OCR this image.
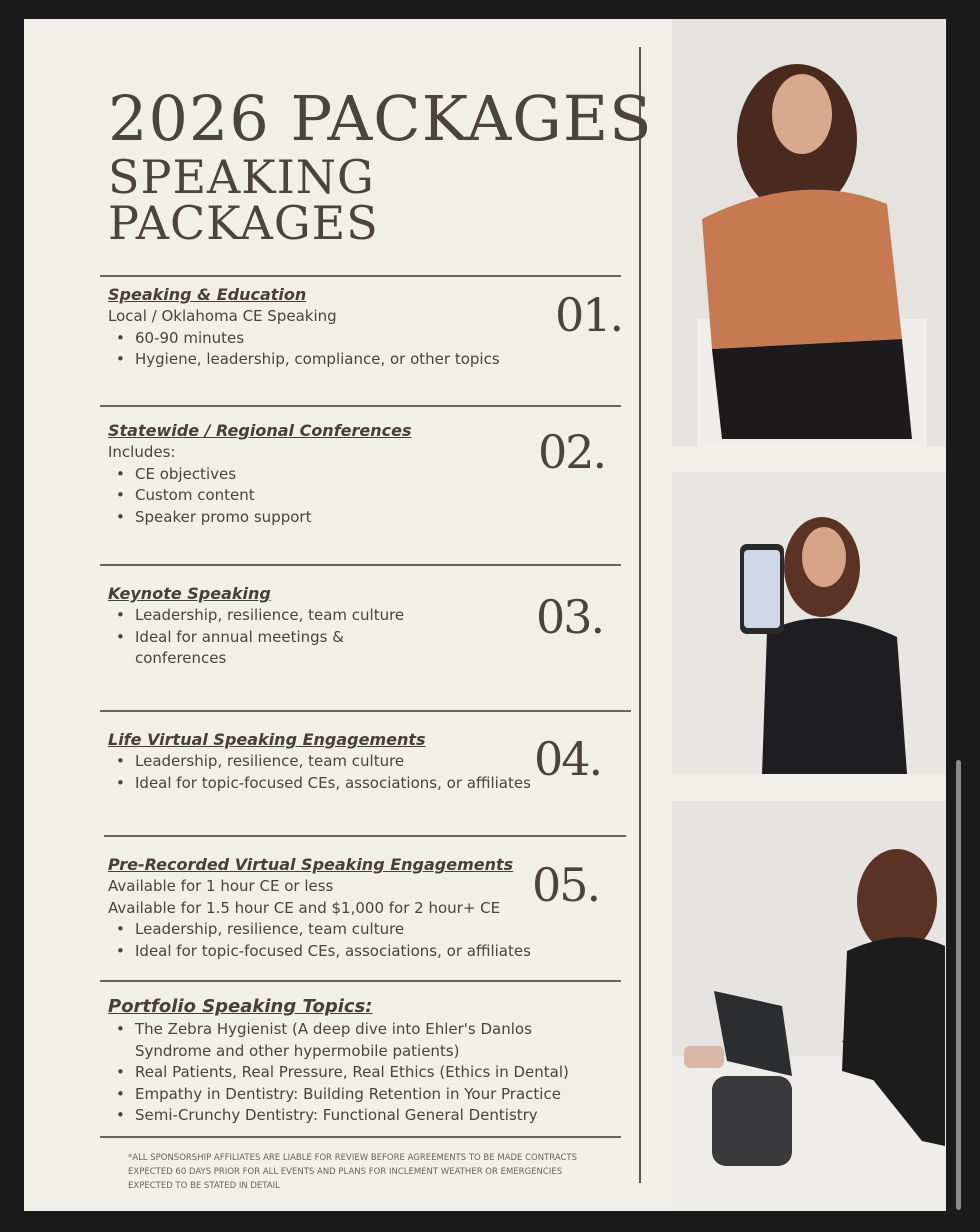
2026 PACKAGES
SPEAKING
PACKAGES
Speaking & Education
Local / Oklahoma CE Speaking
• 60-90 minutes
• Hygiene, leadership, compliance, or other topics
01.
Statewide / Regional Conferences
Includes:
• CE objectives
• Custom content
• Speaker promo support
02.
Keynote Speaking
• Leadership, resilience, team culture
• Ideal for annual meetings & conferences
03.
Life Virtual Speaking Engagements
• Leadership, resilience, team culture
• Ideal for topic-focused CEs, associations, or affiliates 04.
Pre-Recorded Virtual Speaking Engagements
Available for 1 hour CE or less
Available for 1.5 hour CE and $1,000 for 2 hour+ CE
• Leadership, resilience, team culture
• Ideal for topic-focused CEs, associations, or affiliates
05.
Portfolio Speaking Topics:
• The Zebra Hygienist (A deep dive into Ehler's Danlos Syndrome and other hypermobile patients)
• Real Patients, Real Pressure, Real Ethics (Ethics in Dental)
• Empathy in Dentistry: Building Retention in Your Practice
• Semi-Crunchy Dentistry: Functional General Dentistry
*ALL SPONSORSHIP AFFILIATES ARE LIABLE FOR REVIEW BEFORE AGREEMENTS TO BE MADE CONTRACTS EXPECTED 60 DAYS PRIOR FOR ALL EVENTS AND PLANS FOR INCLEMENT WEATHER OR EMERGENCIES EXPECTED TO BE STATED IN DETAIL
